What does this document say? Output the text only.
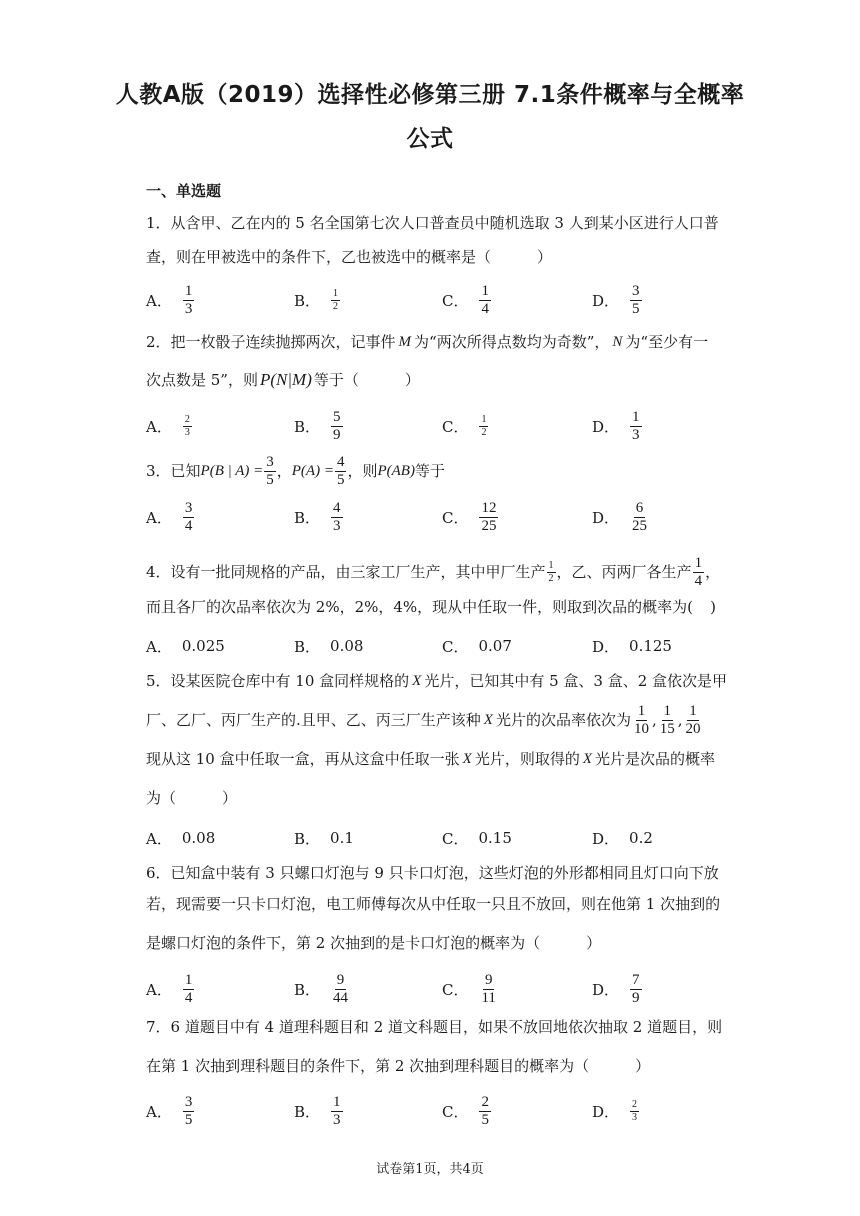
人教A版（2019）选择性必修第三册 7.1条件概率与全概率
公式
一、单选题
1．从含甲、乙在内的 5 名全国第七次人口普查员中随机选取 3 人到某小区进行人口普
查，则在甲被选中的条件下，乙也被选中的概率是（	）
A． $\frac{1}{3}$	B． $\frac{1}{2}$	C． $\frac{1}{4}$	D． $\frac{3}{5}$
2．把一枚骰子连续抛掷两次，记事件 M 为“两次所得点数均为奇数”， N 为“至少有一
次点数是 5”，则 P(N|M) 等于（	）
A． $\frac{2}{3}$	B． $\frac{5}{9}$	C． $\frac{1}{2}$	D． $\frac{1}{3}$
3．已知 P(B | $A) = \frac{3}{5}$ ， $P(A) = \frac{4}{5}$ ，则 P(AB) 等于
A． $\frac{3}{4}$	B． $\frac{4}{3}$	C． $\frac{12}{25}$	D． $\frac{6}{25}$
4．设有一批同规格的产品，由三家工厂生产，其中甲厂生产 $\frac{1}{2}$ ，乙、丙两厂各生产 $\frac{1}{4}$ ，
而且各厂的次品率依次为 2%，2%，4%，现从中任取一件，则取到次品的概率为( )
A． 0.025	B． 0.08	C． 0.07	D． 0.125
5．设某医院仓库中有 10 盒同样规格的 X 光片，已知其中有 5 盒、3 盒、2 盒依次是甲
厂、乙厂、丙厂生产的.且甲、乙、丙三厂生产该种 X 光片的次品率依次为 $\frac{1}{10}$ , $\frac{1}{15}$ , $\frac{1}{20}$
现从这 10 盒中任取一盒，再从这盒中任取一张 X 光片，则取得的 X 光片是次品的概率
为（	）
A． 0.08	B． 0.1	C． 0.15	D． 0.2
6．已知盒中装有 3 只螺口灯泡与 9 只卡口灯泡，这些灯泡的外形都相同且灯口向下放
若，现需要一只卡口灯泡，电工师傅每次从中任取一只且不放回，则在他第 1 次抽到的
是螺口灯泡的条件下，第 2 次抽到的是卡口灯泡的概率为（	）
A． $\frac{1}{4}$	B． $\frac{9}{44}$	C． $\frac{9}{11}$	D． $\frac{7}{9}$
7．6 道题目中有 4 道理科题目和 2 道文科题目，如果不放回地依次抽取 2 道题目，则
在第 1 次抽到理科题目的条件下，第 2 次抽到理科题目的概率为（	）
A． $\frac{3}{5}$	B． $\frac{1}{3}$	C． $\frac{2}{5}$	D． $\frac{2}{3}$
试卷第1页，共4页
